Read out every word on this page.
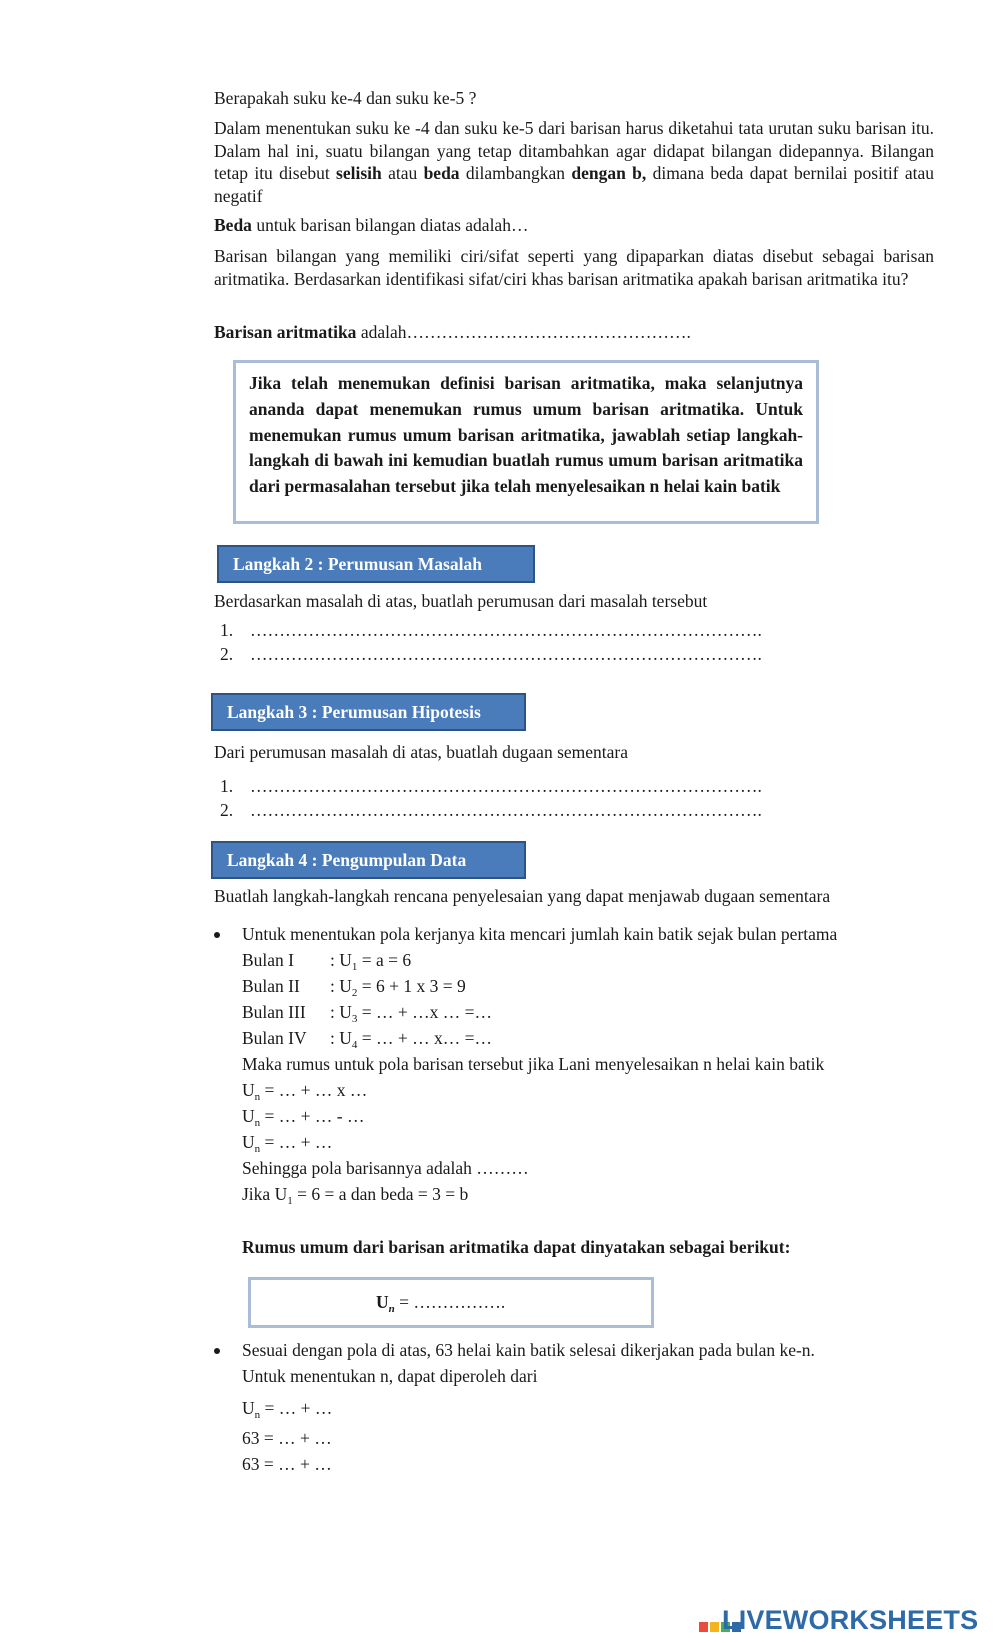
Berapakah suku ke-4 dan suku ke-5 ?
Dalam menentukan suku ke -4 dan suku ke-5 dari barisan harus diketahui tata urutan suku barisan itu. Dalam hal ini, suatu bilangan yang tetap ditambahkan agar didapat bilangan didepannya. Bilangan tetap itu disebut selisih atau beda dilambangkan dengan b, dimana beda dapat bernilai positif atau negatif
Beda untuk barisan bilangan diatas adalah…
Barisan bilangan yang memiliki ciri/sifat seperti yang dipaparkan diatas disebut sebagai barisan aritmatika. Berdasarkan identifikasi sifat/ciri khas barisan aritmatika apakah barisan aritmatika itu?
Barisan aritmatika adalah………………………………………….

Jika telah menemukan definisi barisan aritmatika, maka selanjutnya ananda dapat menemukan rumus umum barisan aritmatika. Untuk menemukan rumus umum barisan aritmatika, jawablah setiap langkah-langkah di bawah ini kemudian buatlah rumus umum barisan aritmatika dari permasalahan tersebut jika telah menyelesaikan n helai kain batik

Langkah 2 : Perumusan Masalah
Berdasarkan masalah di atas, buatlah perumusan dari masalah tersebut
1. …………………………………………………………………………….
2. …………………………………………………………………………….
Langkah 3 : Perumusan Hipotesis
Dari perumusan masalah di atas, buatlah dugaan sementara
1. …………………………………………………………………………….
2. …………………………………………………………………………….
Langkah 4 : Pengumpulan Data
Buatlah langkah-langkah rencana penyelesaian yang dapat menjawab dugaan sementara
Untuk menentukan pola kerjanya kita mencari jumlah kain batik sejak bulan pertama
Bulan I : $U_1 = a = 6$
Bulan II : $U_2 = 6 + 1$ x 3 = 9
Bulan III : $U_3$ = … + …x … =…
Bulan IV : $U_4$ = … + … x… =…
Maka rumus untuk pola barisan tersebut jika Lani menyelesaikan n helai kain batik
$U_n$ = … + … x …
$U_n$ = … + … - …
$U_n$ = … + …
Sehingga pola barisannya adalah ………
Jika $U_1 = 6 = a$ dan beda = 3 = b
Rumus umum dari barisan aritmatika dapat dinyatakan sebagai berikut:
$U_n$ = …………….
Sesuai dengan pola di atas, 63 helai kain batik selesai dikerjakan pada bulan ke-n.
Untuk menentukan n, dapat diperoleh dari
$U_n$ = … + …
63 = … + …
63 = … + …
LIVEWORKSHEETS
